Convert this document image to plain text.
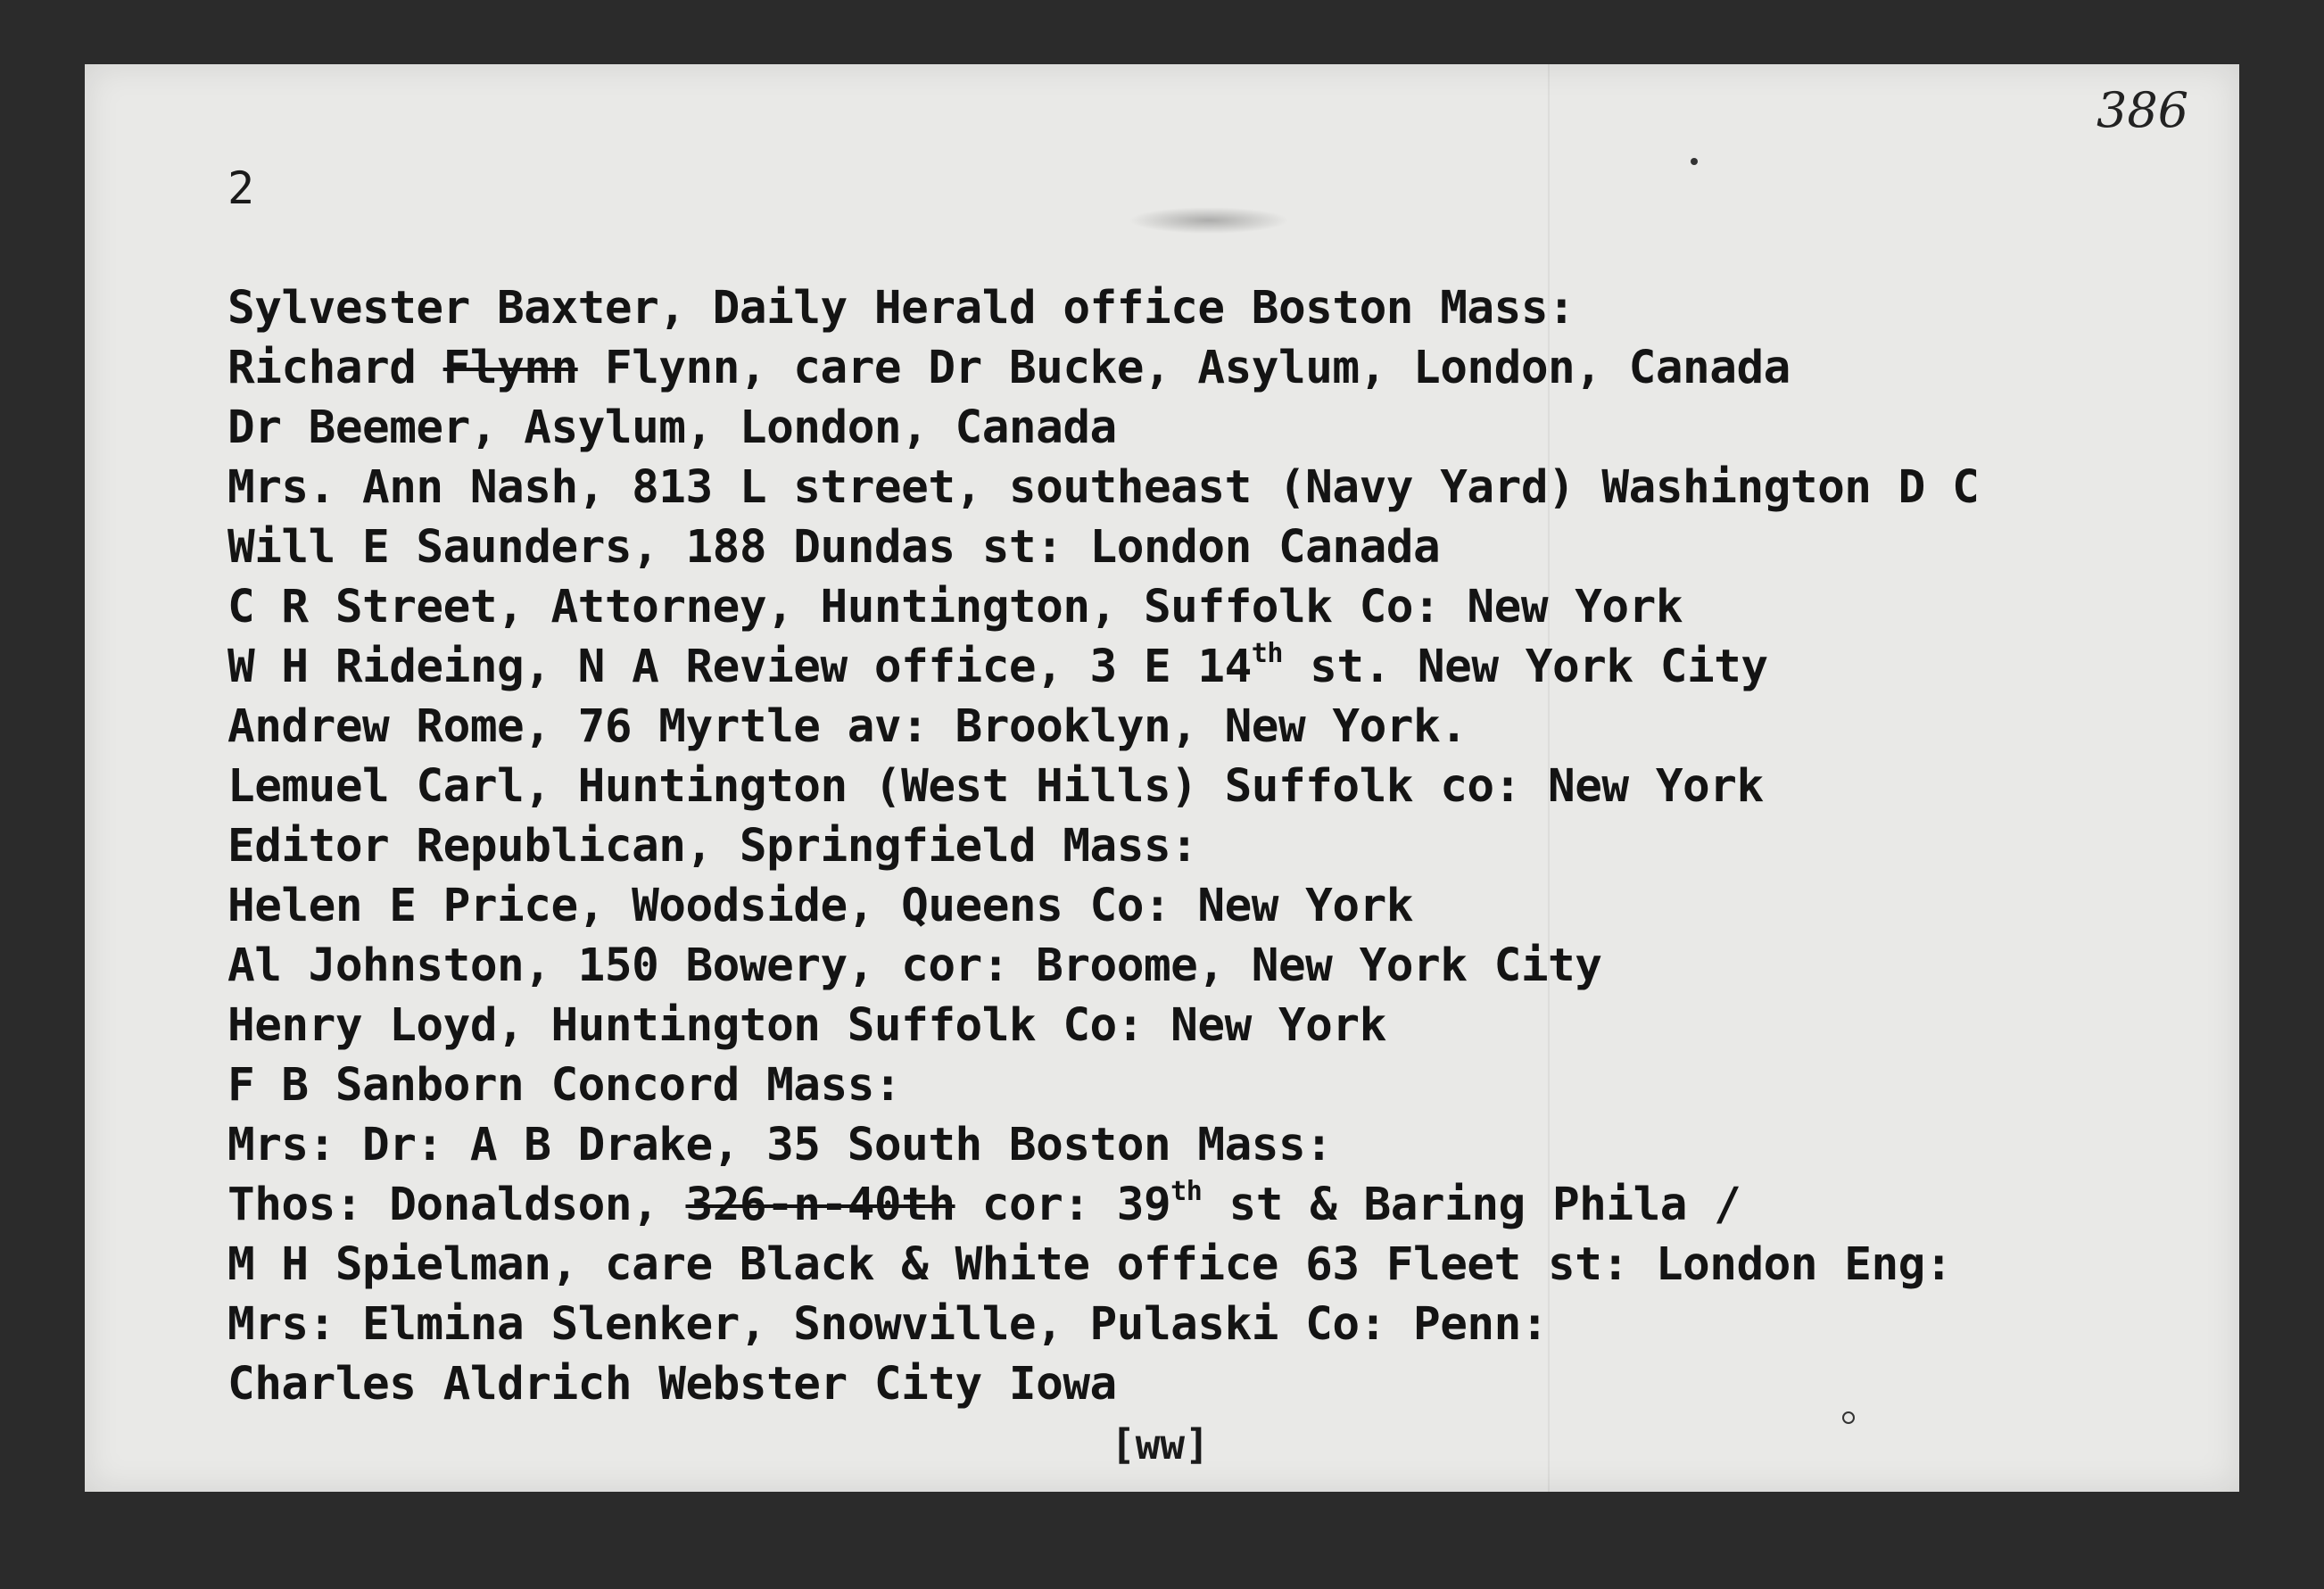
2
386
Sylvester Baxter, Daily Herald office Boston Mass:
Richard Flynn Flynn, care Dr Bucke, Asylum, London, Canada
Dr Beemer, Asylum, London, Canada
Mrs. Ann Nash, 813 L street, southeast (Navy Yard) Washington D C
Will E Saunders, 188 Dundas st: London Canada
C R Street, Attorney, Huntington, Suffolk Co: New York
W H Rideing, N A Review office, 3 E 14th st. New York City
Andrew Rome, 76 Myrtle av: Brooklyn, New York.
Lemuel Carl, Huntington (West Hills) Suffolk co: New York
Editor Republican, Springfield Mass:
Helen E Price, Woodside, Queens Co: New York
Al Johnston, 150 Bowery, cor: Broome, New York City
Henry Loyd, Huntington Suffolk Co: New York
F B Sanborn Concord Mass:
Mrs: Dr: A B Drake, 35 South Boston Mass:
Thos: Donaldson, 326-n-40th cor: 39th st & Baring Phila /
M H Spielman, care Black & White office 63 Fleet st: London Eng:
Mrs: Elmina Slenker, Snowville, Pulaski Co: Penn:
Charles Aldrich Webster City Iowa
[ww]
